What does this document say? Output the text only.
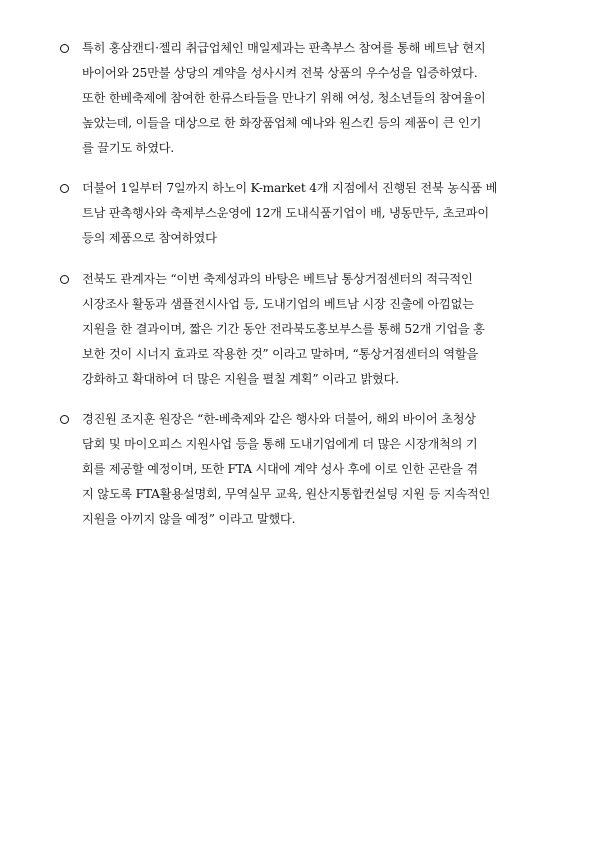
특히 홍삼캔디·젤리 취급업체인 매일제과는 판촉부스 참여를 통해 베트남 현지
바이어와 25만불 상당의 계약을 성사시켜 전북 상품의 우수성을 입증하였다.
또한 한베축제에 참여한 한류스타들을 만나기 위해 여성, 청소년들의 참여율이
높았는데, 이들을 대상으로 한 화장품업체 예나와 원스킨 등의 제품이 큰 인기
를 끌기도 하였다.
더불어 1일부터 7일까지 하노이 K-market 4개 지점에서 진행된 전북 농식품 베
트남 판촉행사와 축제부스운영에 12개 도내식품기업이 배, 냉동만두, 초코파이
등의 제품으로 참여하였다
전북도 관계자는 “이번 축제성과의 바탕은 베트남 통상거점센터의 적극적인
시장조사 활동과 샘플전시사업 등, 도내기업의 베트남 시장 진출에 아낌없는
지원을 한 결과이며, 짧은 기간 동안 전라북도홍보부스를 통해 52개 기업을 홍
보한 것이 시너지 효과로 작용한 것” 이라고 말하며, “통상거점센터의 역할을
강화하고 확대하여 더 많은 지원을 펼칠 계획” 이라고 밝혔다.
경진원 조지훈 원장은 “한-베축제와 같은 행사와 더불어, 해외 바이어 초청상
담회 및 마이오피스 지원사업 등을 통해 도내기업에게 더 많은 시장개척의 기
회를 제공할 예정이며, 또한 FTA 시대에 계약 성사 후에 이로 인한 곤란을 겪
지 않도록 FTA활용설명회, 무역실무 교육, 원산지통합컨설팅 지원 등 지속적인
지원을 아끼지 않을 예정” 이라고 말했다.
